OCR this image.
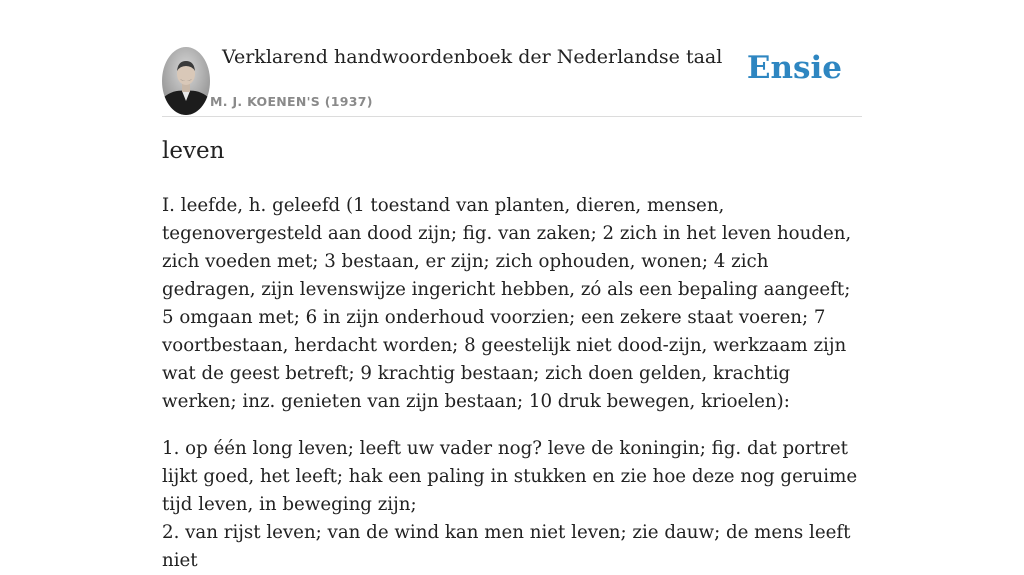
Verklarend handwoordenboek der Nederlandse taal
M. J. KOENEN'S (1937)
Ensie
leven

I. leefde, h. geleefd (1 toestand van planten, dieren, mensen, tegenovergesteld aan dood zijn; fig. van zaken; 2 zich in het leven houden, zich voeden met; 3 bestaan, er zijn; zich ophouden, wonen; 4 zich gedragen, zijn levenswijze ingericht hebben, zó als een bepaling aangeeft; 5 omgaan met; 6 in zijn onderhoud voorzien; een zekere staat voeren; 7 voortbestaan, herdacht worden; 8 geestelijk niet dood-zijn, werkzaam zijn wat de geest betreft; 9 krachtig bestaan; zich doen gelden, krachtig werken; inz. genieten van zijn bestaan; 10 druk bewegen, krioelen):

1. op één long leven; leeft uw vader nog? leve de koningin; fig. dat portret lijkt goed, het leeft; hak een paling in stukken en zie hoe deze nog geruime tijd leven, in beweging zijn;
2. van rijst leven; van de wind kan men niet leven; zie dauw; de mens leeft niet
